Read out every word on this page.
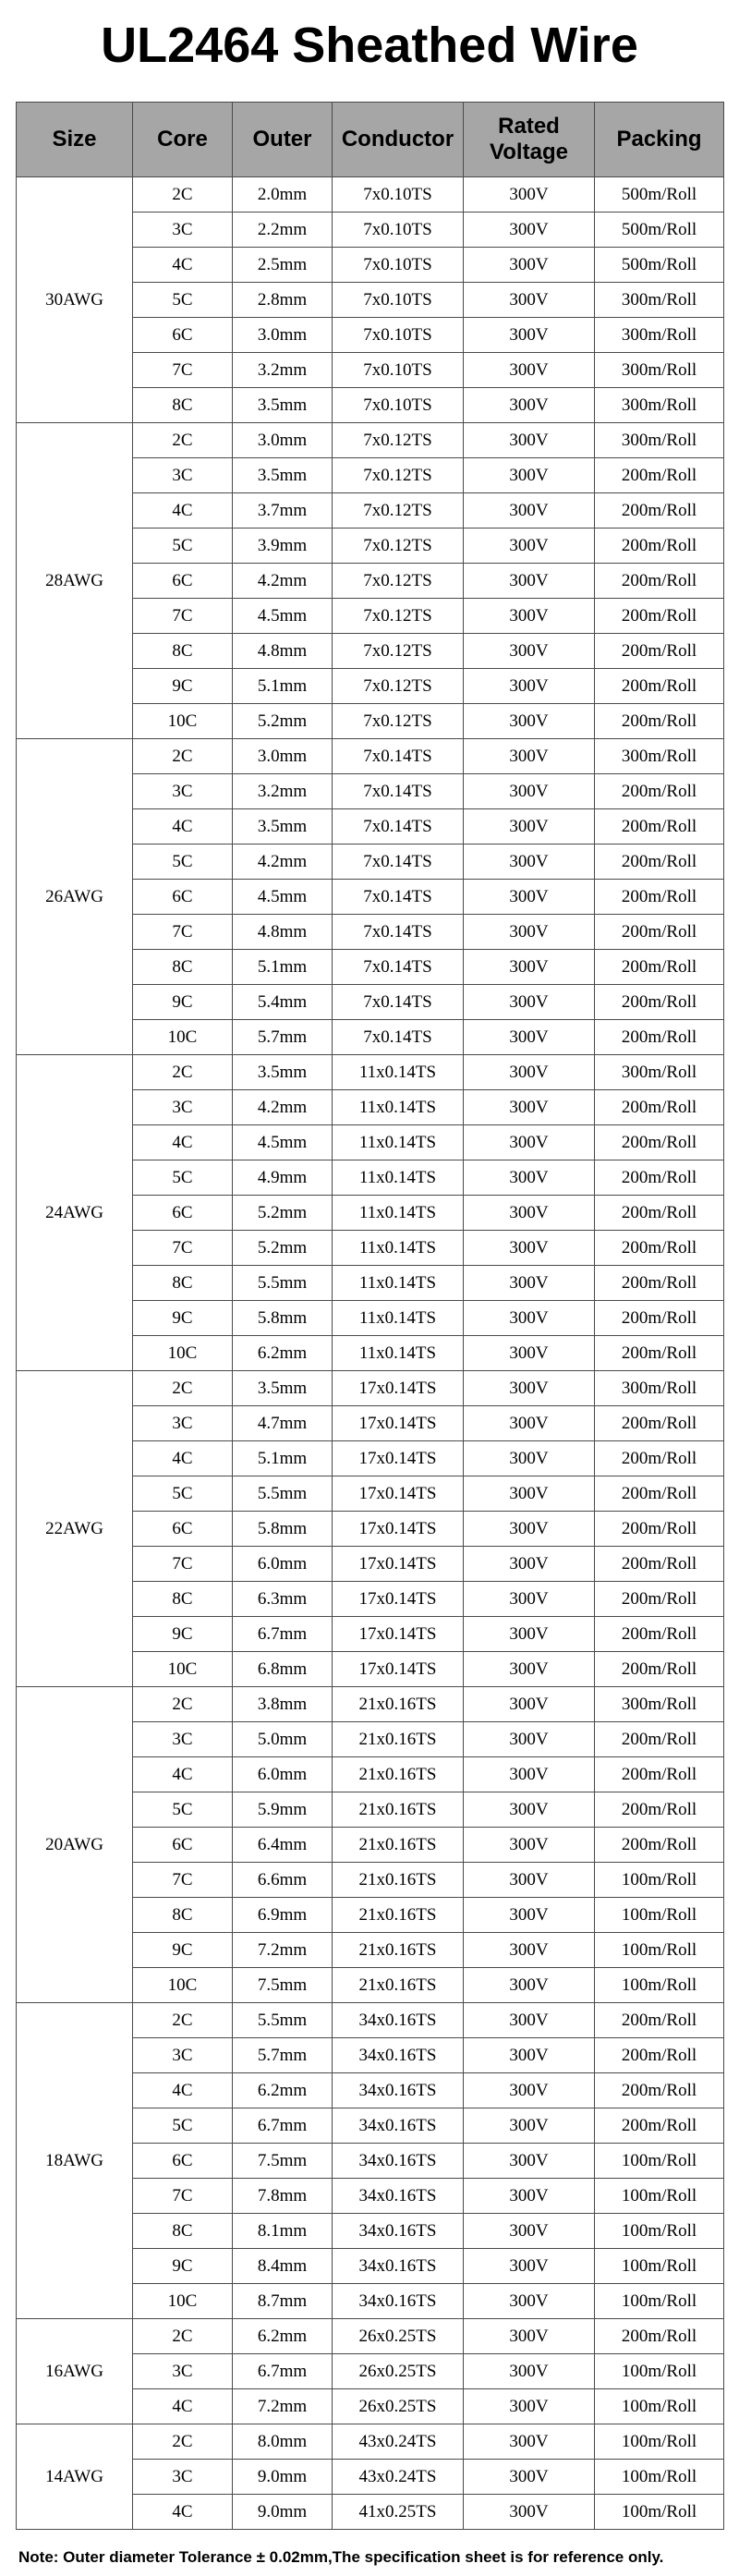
UL2464 Sheathed Wire
Size	Core	Outer	Conductor	Rated Voltage	Packing
30AWG	2C	2.0mm	7x0.10TS	300V	500m/Roll
	3C	2.2mm	7x0.10TS	300V	500m/Roll
	4C	2.5mm	7x0.10TS	300V	500m/Roll
	5C	2.8mm	7x0.10TS	300V	300m/Roll
	6C	3.0mm	7x0.10TS	300V	300m/Roll
	7C	3.2mm	7x0.10TS	300V	300m/Roll
	8C	3.5mm	7x0.10TS	300V	300m/Roll
28AWG	2C	3.0mm	7x0.12TS	300V	300m/Roll
	3C	3.5mm	7x0.12TS	300V	200m/Roll
	4C	3.7mm	7x0.12TS	300V	200m/Roll
	5C	3.9mm	7x0.12TS	300V	200m/Roll
	6C	4.2mm	7x0.12TS	300V	200m/Roll
	7C	4.5mm	7x0.12TS	300V	200m/Roll
	8C	4.8mm	7x0.12TS	300V	200m/Roll
	9C	5.1mm	7x0.12TS	300V	200m/Roll
	10C	5.2mm	7x0.12TS	300V	200m/Roll
26AWG	2C	3.0mm	7x0.14TS	300V	300m/Roll
	3C	3.2mm	7x0.14TS	300V	200m/Roll
	4C	3.5mm	7x0.14TS	300V	200m/Roll
	5C	4.2mm	7x0.14TS	300V	200m/Roll
	6C	4.5mm	7x0.14TS	300V	200m/Roll
	7C	4.8mm	7x0.14TS	300V	200m/Roll
	8C	5.1mm	7x0.14TS	300V	200m/Roll
	9C	5.4mm	7x0.14TS	300V	200m/Roll
	10C	5.7mm	7x0.14TS	300V	200m/Roll
24AWG	2C	3.5mm	11x0.14TS	300V	300m/Roll
	3C	4.2mm	11x0.14TS	300V	200m/Roll
	4C	4.5mm	11x0.14TS	300V	200m/Roll
	5C	4.9mm	11x0.14TS	300V	200m/Roll
	6C	5.2mm	11x0.14TS	300V	200m/Roll
	7C	5.2mm	11x0.14TS	300V	200m/Roll
	8C	5.5mm	11x0.14TS	300V	200m/Roll
	9C	5.8mm	11x0.14TS	300V	200m/Roll
	10C	6.2mm	11x0.14TS	300V	200m/Roll
22AWG	2C	3.5mm	17x0.14TS	300V	300m/Roll
	3C	4.7mm	17x0.14TS	300V	200m/Roll
	4C	5.1mm	17x0.14TS	300V	200m/Roll
	5C	5.5mm	17x0.14TS	300V	200m/Roll
	6C	5.8mm	17x0.14TS	300V	200m/Roll
	7C	6.0mm	17x0.14TS	300V	200m/Roll
	8C	6.3mm	17x0.14TS	300V	200m/Roll
	9C	6.7mm	17x0.14TS	300V	200m/Roll
	10C	6.8mm	17x0.14TS	300V	200m/Roll
20AWG	2C	3.8mm	21x0.16TS	300V	300m/Roll
	3C	5.0mm	21x0.16TS	300V	200m/Roll
	4C	6.0mm	21x0.16TS	300V	200m/Roll
	5C	5.9mm	21x0.16TS	300V	200m/Roll
	6C	6.4mm	21x0.16TS	300V	200m/Roll
	7C	6.6mm	21x0.16TS	300V	100m/Roll
	8C	6.9mm	21x0.16TS	300V	100m/Roll
	9C	7.2mm	21x0.16TS	300V	100m/Roll
	10C	7.5mm	21x0.16TS	300V	100m/Roll
18AWG	2C	5.5mm	34x0.16TS	300V	200m/Roll
	3C	5.7mm	34x0.16TS	300V	200m/Roll
	4C	6.2mm	34x0.16TS	300V	200m/Roll
	5C	6.7mm	34x0.16TS	300V	200m/Roll
	6C	7.5mm	34x0.16TS	300V	100m/Roll
	7C	7.8mm	34x0.16TS	300V	100m/Roll
	8C	8.1mm	34x0.16TS	300V	100m/Roll
	9C	8.4mm	34x0.16TS	300V	100m/Roll
	10C	8.7mm	34x0.16TS	300V	100m/Roll
16AWG	2C	6.2mm	26x0.25TS	300V	200m/Roll
	3C	6.7mm	26x0.25TS	300V	100m/Roll
	4C	7.2mm	26x0.25TS	300V	100m/Roll
14AWG	2C	8.0mm	43x0.24TS	300V	100m/Roll
	3C	9.0mm	43x0.24TS	300V	100m/Roll
	4C	9.0mm	41x0.25TS	300V	100m/Roll
Note: Outer diameter Tolerance ± 0.02mm,The specification sheet is for reference only.
